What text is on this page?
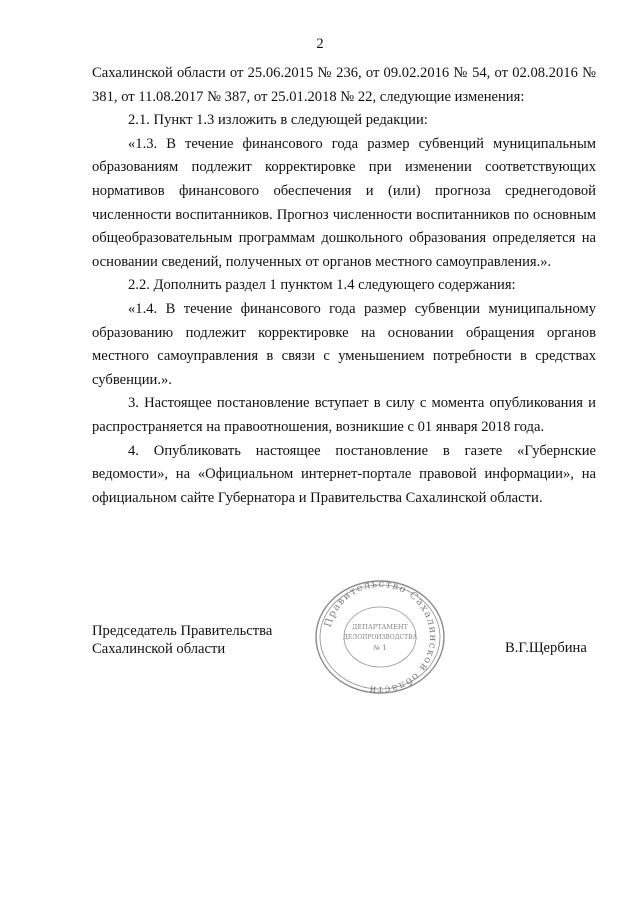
2

Сахалинской области от 25.06.2015 № 236, от 09.02.2016 № 54, от 02.08.2016 № 381, от 11.08.2017 № 387, от 25.01.2018 № 22, следующие изменения:

2.1. Пункт 1.3 изложить в следующей редакции:

«1.3. В течение финансового года размер субвенций муниципальным образованиям подлежит корректировке при изменении соответствующих нормативов финансового обеспечения и (или) прогноза среднегодовой численности воспитанников. Прогноз численности воспитанников по основным общеобразовательным программам дошкольного образования определяется на основании сведений, полученных от органов местного самоуправления.».

2.2. Дополнить раздел 1 пунктом 1.4 следующего содержания:

«1.4. В течение финансового года размер субвенции муниципальному образованию подлежит корректировке на основании обращения органов местного самоуправления в связи с уменьшением потребности в средствах субвенции.».

3. Настоящее постановление вступает в силу с момента опубликования и распространяется на правоотношения, возникшие с 01 января 2018 года.

4. Опубликовать настоящее постановление в газете «Губернские ведомости», на «Официальном интернет-портале правовой информации», на официальном сайте Губернатора и Правительства Сахалинской области.

Председатель Правительства
Сахалинской области
Правительство Сахалинской области
ДЕПАРТАМЕНТ
ДЕЛОПРОИЗВОДСТВА
№ 1	В.Г.Щербина
